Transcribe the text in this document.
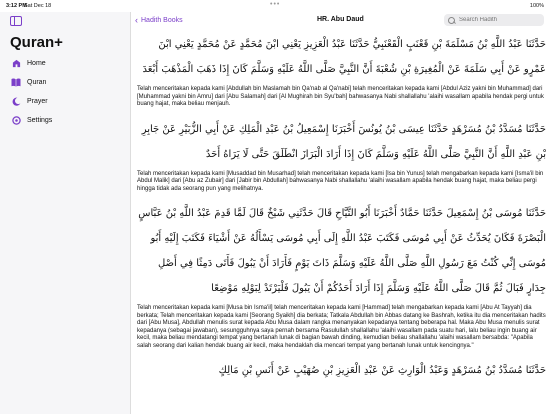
3:12 PM
Sat Dec 18	•••	100%
Quran+
Home
Quran
Prayer
Settings
‹ Hadith Books	HR. Abu Daud
Search Hadith

حَدَّثَنَا عَبْدُ اللَّهِ بْنُ مَسْلَمَةَ بْنِ قَعْنَبٍ الْقَعْنَبِيُّ حَدَّثَنَا عَبْدُ الْعَزِيزِ يَعْنِي ابْنَ مُحَمَّدٍ عَنْ مُحَمَّدٍ يَعْنِي ابْنَ عَمْرٍو عَنْ أَبِي سَلَمَةَ عَنْ الْمُغِيرَةِ بْنِ شُعْبَةَ أَنَّ النَّبِيَّ صَلَّى اللَّهُ عَلَيْهِ وَسَلَّمَ كَانَ إِذَا ذَهَبَ الْمَذْهَبَ أَبْعَدَ

Telah menceritakan kepada kami [Abdullah bin Maslamah bin Qa'nab al Qa'nabi] telah menceritakan kepada kami [Abdul Aziz yakni bin Muhammad] dari [Muhammad yakni bin Amru] dari [Abu Salamah] dari [Al Mughirah bin Syu'bah] bahwasanya Nabi shallallahu 'alaihi wasallam apabila hendak pergi untuk buang hajat, maka beliau menjauh.

حَدَّثَنَا مُسَدَّدُ بْنُ مُسَرْهَدٍ حَدَّثَنَا عِيسَى بْنُ يُونُسَ أَخْبَرَنَا إِسْمَعِيلُ بْنُ عَبْدِ الْمَلِكِ عَنْ أَبِي الزُّبَيْرِ عَنْ جَابِرِ بْنِ عَبْدِ اللَّهِ أَنَّ النَّبِيَّ صَلَّى اللَّهُ عَلَيْهِ وَسَلَّمَ كَانَ إِذَا أَرَادَ الْبَرَازَ انْطَلَقَ حَتَّى لَا يَرَاهُ أَحَدٌ

Telah menceritakan kepada kami [Musaddad bin Musarhad] telah menceritakan kepada kami [Isa bin Yunus] telah mengabarkan kepada kami [Isma'il bin Abdul Malik] dari [Abu az Zubair] dari [Jabir bin Abdullah] bahwasanya Nabi shallallahu 'alaihi wasallam apabila hendak buang hajat, maka beliau pergi hingga tidak ada seorang pun yang melihatnya.

حَدَّثَنَا مُوسَى بْنُ إِسْمَعِيلَ حَدَّثَنَا حَمَّادٌ أَخْبَرَنَا أَبُو التَّيَّاحِ قَالَ حَدَّثَنِي شَيْخٌ قَالَ لَمَّا قَدِمَ عَبْدُ اللَّهِ بْنُ عَبَّاسٍ الْبَصْرَةَ فَكَانَ يُحَدِّثُ عَنْ أَبِي مُوسَى فَكَتَبَ عَبْدُ اللَّهِ إِلَى أَبِي مُوسَى يَسْأَلُهُ عَنْ أَشْيَاءَ فَكَتَبَ إِلَيْهِ أَبُو مُوسَى إِنِّي كُنْتُ مَعَ رَسُولِ اللَّهِ صَلَّى اللَّهُ عَلَيْهِ وَسَلَّمَ ذَاتَ يَوْمٍ فَأَرَادَ أَنْ يَبُولَ فَأَتَى دَمِثًا فِي أَصْلِ جِدَارٍ فَبَالَ ثُمَّ قَالَ صَلَّى اللَّهُ عَلَيْهِ وَسَلَّمَ إِذَا أَرَادَ أَحَدُكُمْ أَنْ يَبُولَ فَلْيَرْتَدْ لِبَوْلِهِ مَوْضِعًا

Telah menceritakan kepada kami [Musa bin Isma'il] telah menceritakan kepada kami [Hammad] telah mengabarkan kepada kami [Abu At Tayyah] dia berkata; Telah menceritakan kepada kami [Seorang Syaikh] dia berkata; Tatkala Abdullah bin Abbas datang ke Bashrah, ketika itu dia menceritakan hadits dari [Abu Musa], Abdullah menulis surat kepada Abu Musa dalam rangka menanyakan kepadanya tentang beberapa hal. Maka Abu Musa menulis surat kepadanya (sebagai jawaban), sesungguhnya saya pernah bersama Rasulullah shallallahu 'alaihi wasallam pada suatu hari, lalu beliau ingin buang air kecil, maka beliau mendatangi tempat yang bertanah lunak di bagian bawah dinding, kemudian beliau shallallahu 'alaihi wasallam bersabda: "Apabila salah seorang dari kalian hendak buang air kecil, maka hendaklah dia mencari tempat yang bertanah lunak untuk kencingnya."

حَدَّثَنَا مُسَدَّدُ بْنُ مُسَرْهَدٍ وَعَبْدُ الْوَارِثِ عَنْ عَبْدِ الْعَزِيزِ بْنِ صُهَيْبٍ عَنْ أَنَسِ بْنِ مَالِكٍ
